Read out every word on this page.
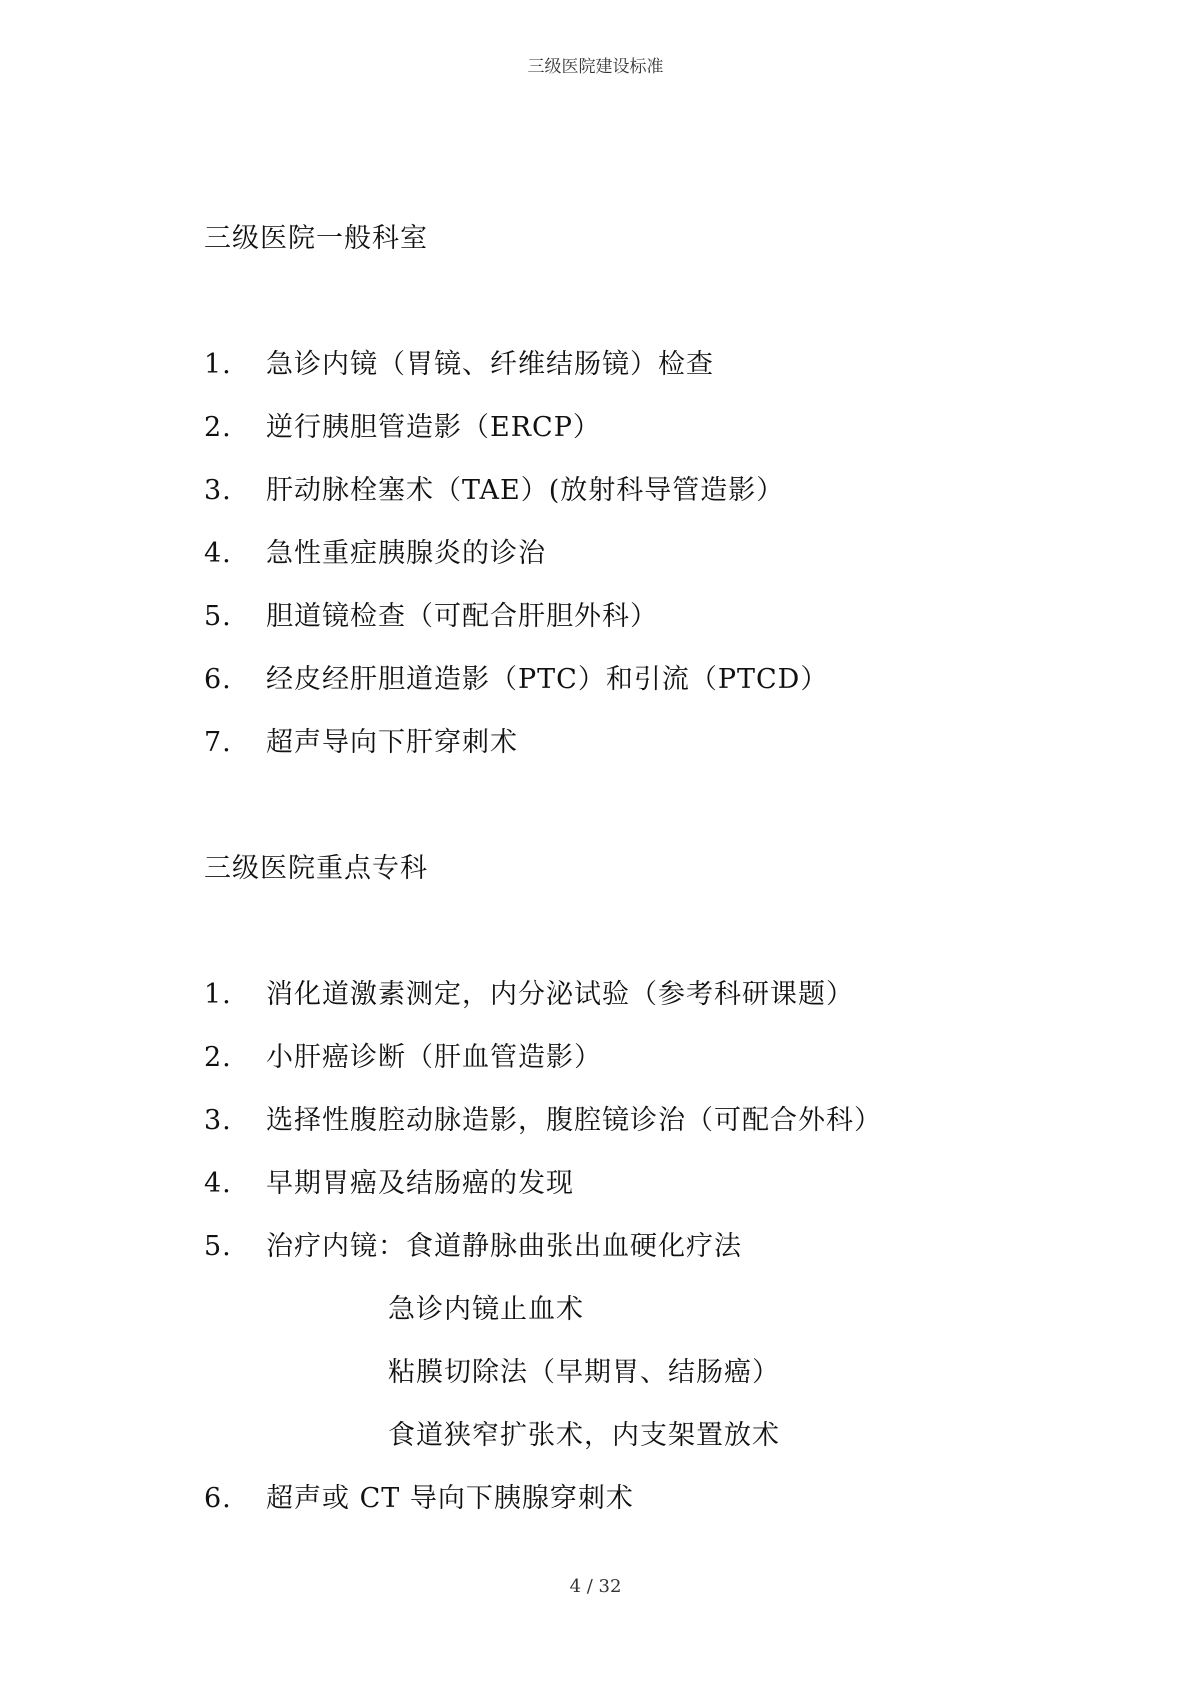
三级医院建设标准
三级医院一般科室
1. 急诊内镜（胃镜、纤维结肠镜）检查
2. 逆行胰胆管造影（ERCP）
3. 肝动脉栓塞术（TAE）(放射科导管造影）
4. 急性重症胰腺炎的诊治
5. 胆道镜检查（可配合肝胆外科）
6. 经皮经肝胆道造影（PTC）和引流（PTCD）
7. 超声导向下肝穿刺术
三级医院重点专科
1. 消化道激素测定，内分泌试验（参考科研课题）
2. 小肝癌诊断（肝血管造影）
3. 选择性腹腔动脉造影，腹腔镜诊治（可配合外科）
4. 早期胃癌及结肠癌的发现
5. 治疗内镜：食道静脉曲张出血硬化疗法
急诊内镜止血术
粘膜切除法（早期胃、结肠癌）
食道狭窄扩张术，内支架置放术
6. 超声或 CT 导向下胰腺穿刺术
4 / 32
